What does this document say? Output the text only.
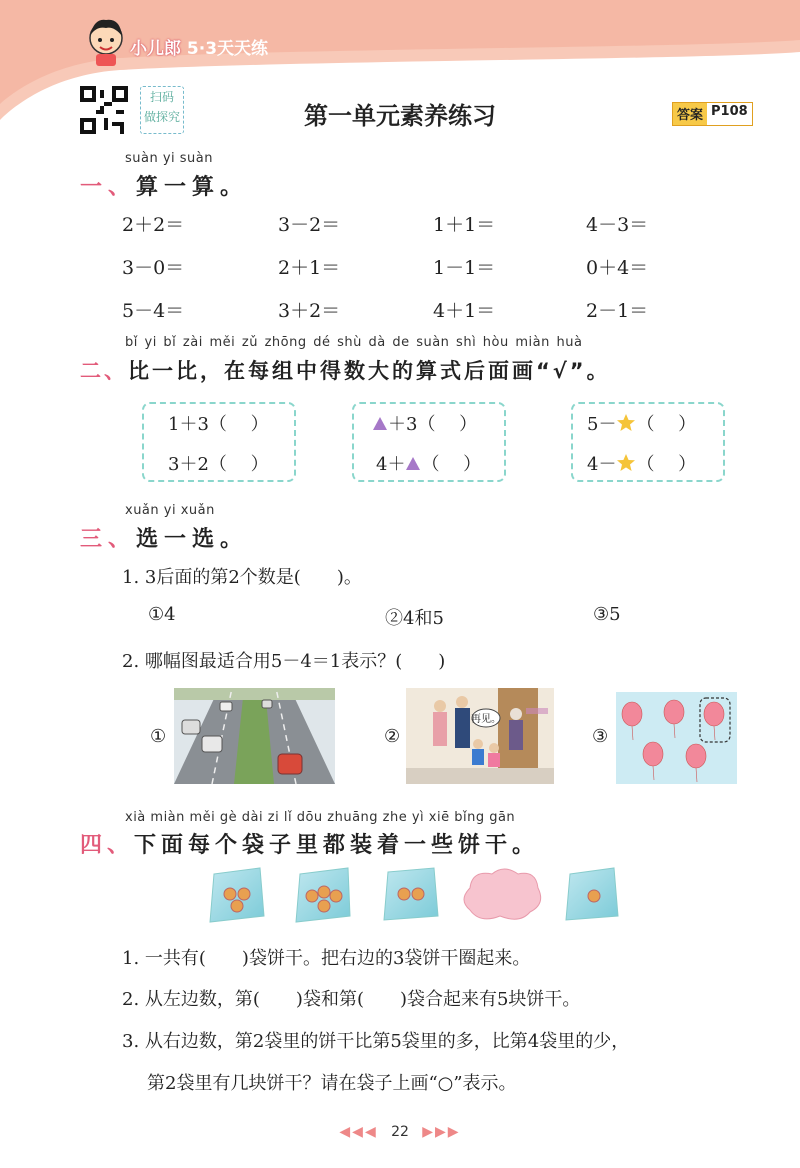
小儿郎 5·3天天练
扫码
做探究	第一单元素养练习	答案 P108
suàn yi suàn
一、算一算。
2＋2＝	3－2＝	1＋1＝	4－3＝
3－0＝	2＋1＝	1－1＝	0＋4＝
5－4＝	3＋2＝	4＋1＝	2－1＝
bǐ yi bǐ zài měi zǔ zhōng dé shù dà de suàn shì hòu miàn huà
二、比一比，在每组中得数大的算式后面画“√”。
1＋3（　 ）
3＋2（　 ）
＋3（　 ）
4＋ （　 ）
5－ （　 ）
4－ （　 ）
xuǎn yi xuǎn
三、选一选。
1. 3后面的第2个数是(　　)。
①4	②4和5	③5
2. 哪幅图最适合用5－4＝1表示？(　　)
①	②
再见。
③
xià miàn měi gè dài zi lǐ dōu zhuāng zhe yì xiē bǐng gān
四、下面每个袋子里都装着一些饼干。
1. 一共有(　　)袋饼干。把右边的3袋饼干圈起来。
2. 从左边数，第(　　)袋和第(　　)袋合起来有5块饼干。
3. 从右边数，第2袋里的饼干比第5袋里的多，比第4袋里的少，
第2袋里有几块饼干？请在袋子上画“○”表示。
◀◀◀ 22 ▶▶▶
